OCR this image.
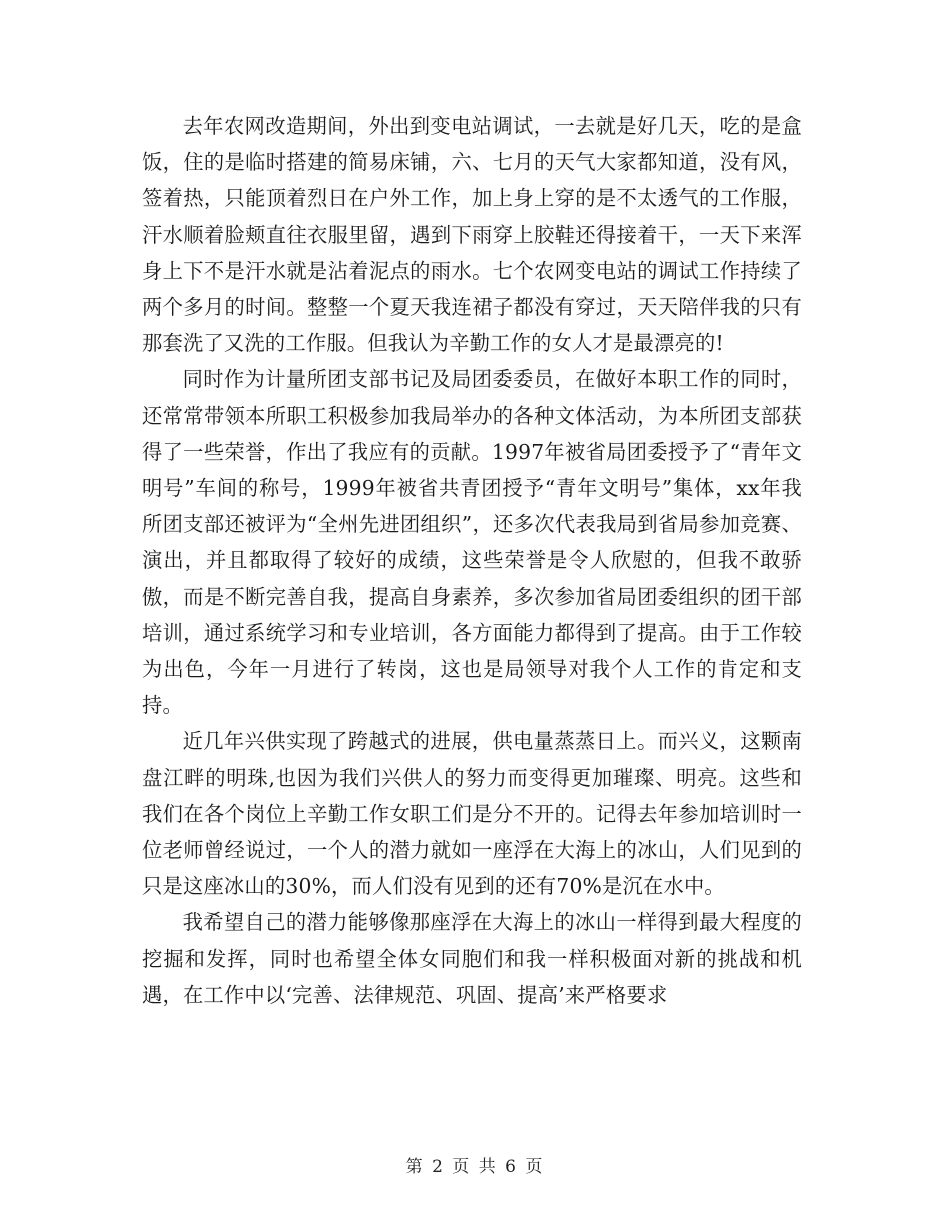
去年农网改造期间，外出到变电站调试，一去就是好几天，吃的是盒饭，住的是临时搭建的简易床铺，六、七月的天气大家都知道，没有风，签着热，只能顶着烈日在户外工作，加上身上穿的是不太透气的工作服，汗水顺着脸颊直往衣服里留，遇到下雨穿上胶鞋还得接着干，一天下来浑身上下不是汗水就是沾着泥点的雨水。七个农网变电站的调试工作持续了两个多月的时间。整整一个夏天我连裙子都没有穿过，天天陪伴我的只有那套洗了又洗的工作服。但我认为辛勤工作的女人才是最漂亮的!

同时作为计量所团支部书记及局团委委员，在做好本职工作的同时，还常常带领本所职工积极参加我局举办的各种文体活动，为本所团支部获得了一些荣誉，作出了我应有的贡献。1997年被省局团委授予了“青年文明号”车间的称号，1999年被省共青团授予“青年文明号”集体，xx年我所团支部还被评为“全州先进团组织”，还多次代表我局到省局参加竞赛、演出，并且都取得了较好的成绩，这些荣誉是令人欣慰的，但我不敢骄傲，而是不断完善自我，提高自身素养，多次参加省局团委组织的团干部培训，通过系统学习和专业培训，各方面能力都得到了提高。由于工作较为出色，今年一月进行了转岗，这也是局领导对我个人工作的肯定和支持。

近几年兴供实现了跨越式的进展，供电量蒸蒸日上。而兴义，这颗南盘江畔的明珠,也因为我们兴供人的努力而变得更加璀璨、明亮。这些和我们在各个岗位上辛勤工作女职工们是分不开的。记得去年参加培训时一位老师曾经说过，一个人的潜力就如一座浮在大海上的冰山，人们见到的只是这座冰山的30%，而人们没有见到的还有70%是沉在水中。

我希望自己的潜力能够像那座浮在大海上的冰山一样得到最大程度的挖掘和发挥，同时也希望全体女同胞们和我一样积极面对新的挑战和机遇，在工作中以‘完善、法律规范、巩固、提高’来严格要求

第 2 页 共 6 页
